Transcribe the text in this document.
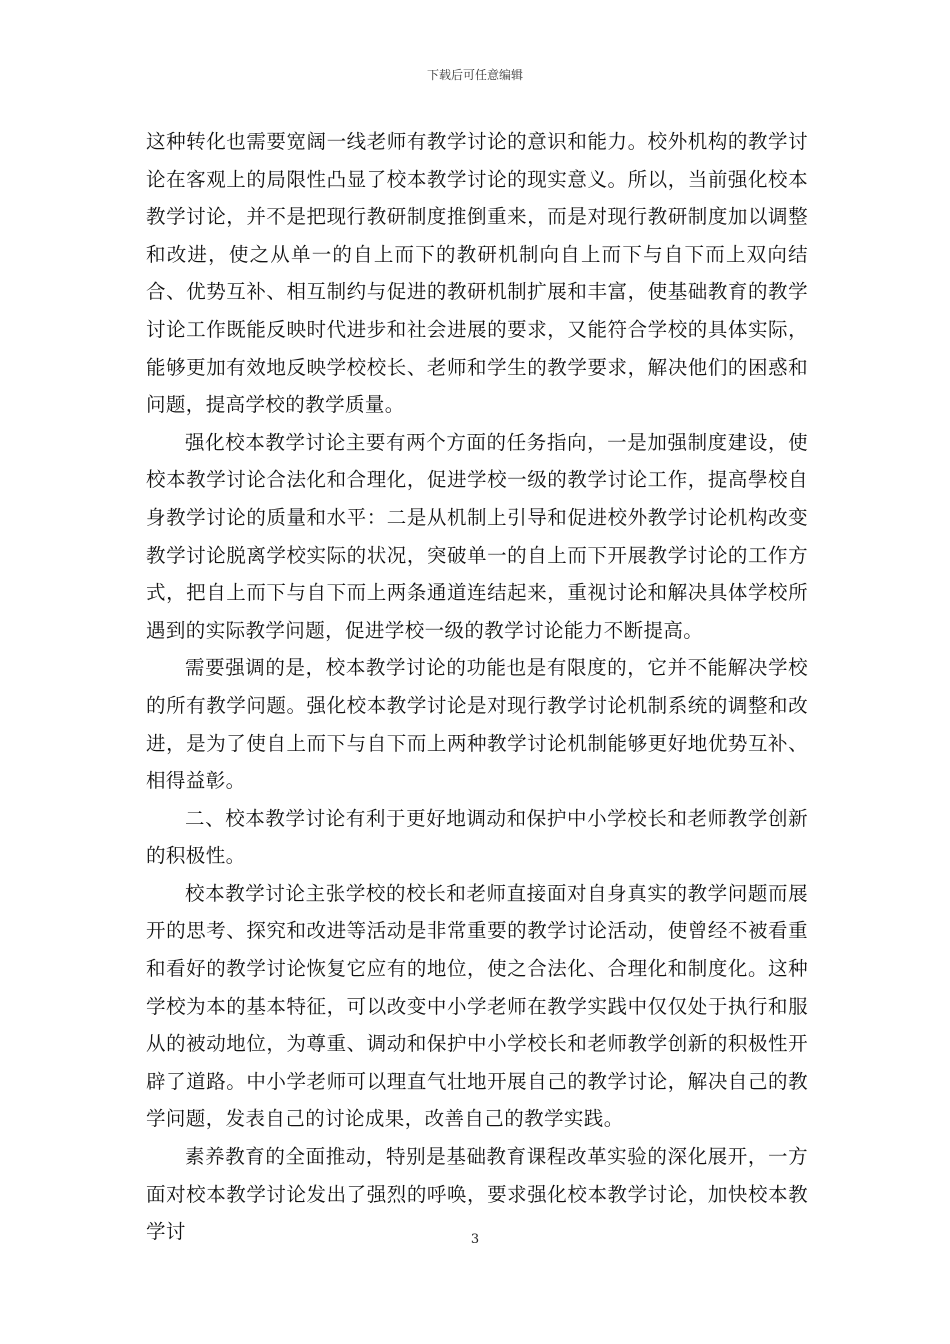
下载后可任意编辑

这种转化也需要宽阔一线老师有教学讨论的意识和能力。校外机构的教学讨论在客观上的局限性凸显了校本教学讨论的现实意义。所以，当前强化校本教学讨论，并不是把现行教研制度推倒重来，而是对现行教研制度加以调整和改进，使之从单一的自上而下的教研机制向自上而下与自下而上双向结合、优势互补、相互制约与促进的教研机制扩展和丰富，使基础教育的教学讨论工作既能反映时代进步和社会进展的要求，又能符合学校的具体实际，能够更加有效地反映学校校长、老师和学生的教学要求，解决他们的困惑和问题，提高学校的教学质量。

强化校本教学讨论主要有两个方面的任务指向，一是加强制度建设，使校本教学讨论合法化和合理化，促进学校一级的教学讨论工作，提高學校自身教学讨论的质量和水平：二是从机制上引导和促进校外教学讨论机构改变教学讨论脱离学校实际的状况，突破单一的自上而下开展教学讨论的工作方式，把自上而下与自下而上两条通道连结起来，重视讨论和解决具体学校所遇到的实际教学问题，促进学校一级的教学讨论能力不断提高。

需要强调的是，校本教学讨论的功能也是有限度的，它并不能解决学校的所有教学问题。强化校本教学讨论是对现行教学讨论机制系统的调整和改进，是为了使自上而下与自下而上两种教学讨论机制能够更好地优势互补、相得益彰。

二、校本教学讨论有利于更好地调动和保护中小学校长和老师教学创新的积极性。

校本教学讨论主张学校的校长和老师直接面对自身真实的教学问题而展开的思考、探究和改进等活动是非常重要的教学讨论活动，使曾经不被看重和看好的教学讨论恢复它应有的地位，使之合法化、合理化和制度化。这种学校为本的基本特征，可以改变中小学老师在教学实践中仅仅处于执行和服从的被动地位，为尊重、调动和保护中小学校长和老师教学创新的积极性开辟了道路。中小学老师可以理直气壮地开展自己的教学讨论，解决自己的教学问题，发表自己的讨论成果，改善自己的教学实践。

素养教育的全面推动，特别是基础教育课程改革实验的深化展开，一方面对校本教学讨论发出了强烈的呼唤，要求强化校本教学讨论，加快校本教学讨	3
